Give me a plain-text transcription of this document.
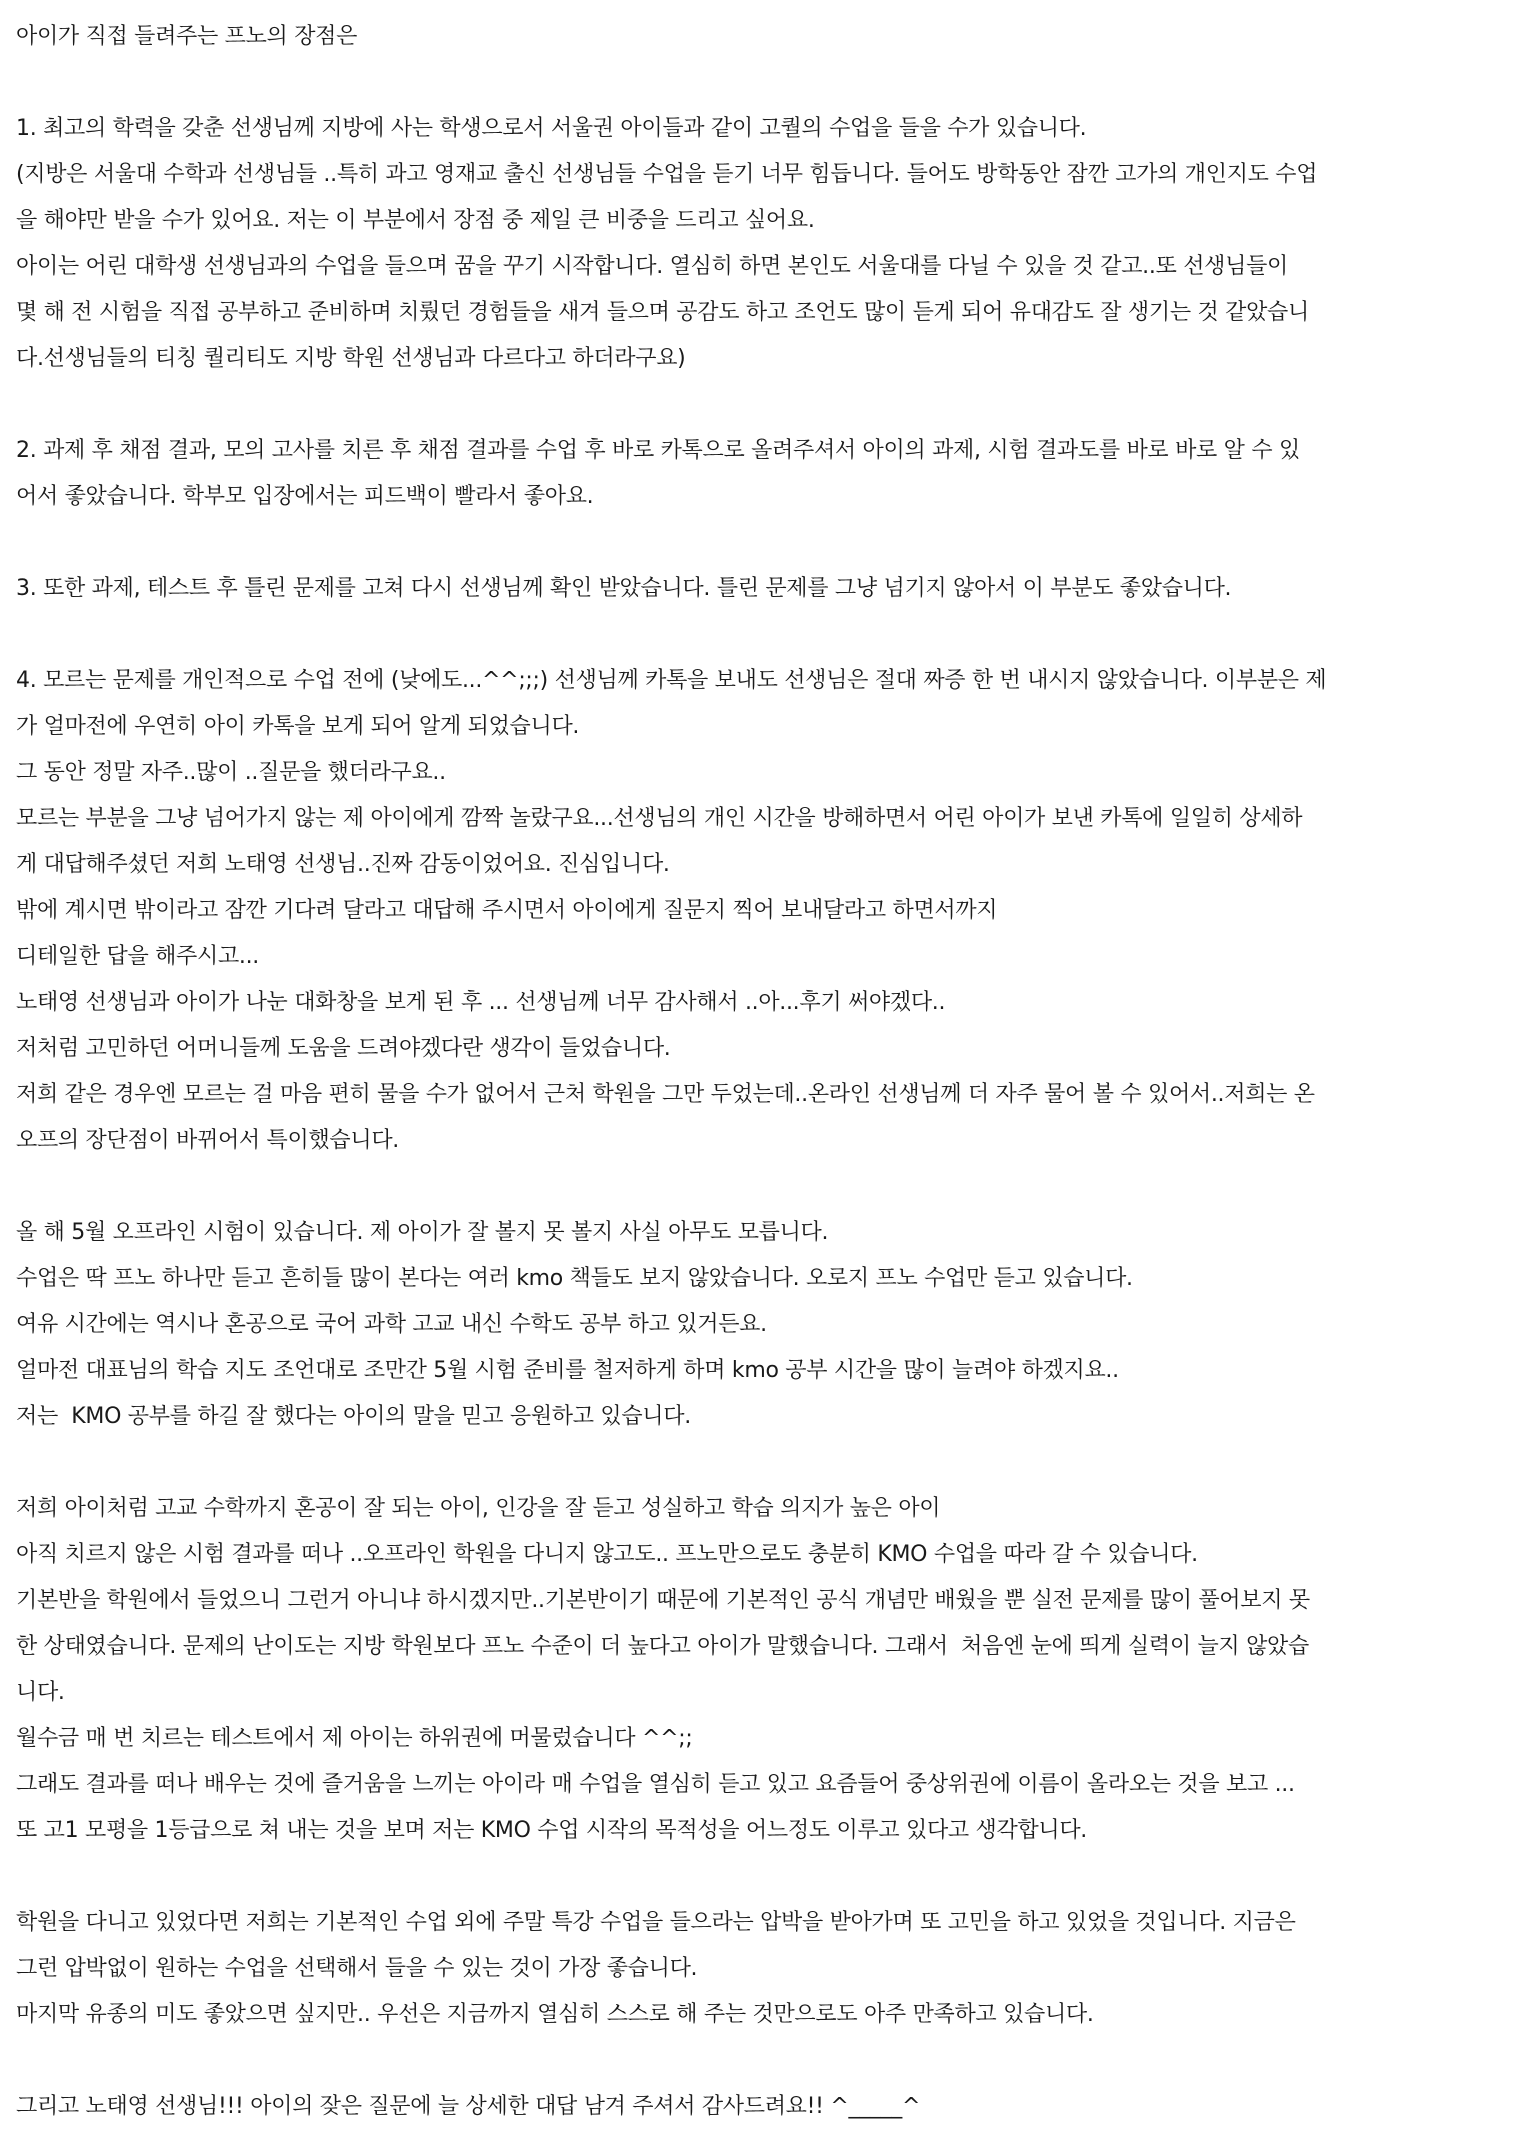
아이가 직접 들려주는 프노의 장점은
1. 최고의 학력을 갖춘 선생님께 지방에 사는 학생으로서 서울권 아이들과 같이 고퀄의 수업을 들을 수가 있습니다.
(지방은 서울대 수학과 선생님들 ..특히 과고 영재교 출신 선생님들 수업을 듣기 너무 힘듭니다. 들어도 방학동안 잠깐 고가의 개인지도 수업
을 해야만 받을 수가 있어요. 저는 이 부분에서 장점 중 제일 큰 비중을 드리고 싶어요.
아이는 어린 대학생 선생님과의 수업을 들으며 꿈을 꾸기 시작합니다. 열심히 하면 본인도 서울대를 다닐 수 있을 것 같고..또 선생님들이
몇 해 전 시험을 직접 공부하고 준비하며 치뤘던 경험들을 새겨 들으며 공감도 하고 조언도 많이 듣게 되어 유대감도 잘 생기는 것 같았습니
다.선생님들의 티칭 퀄리티도 지방 학원 선생님과 다르다고 하더라구요)
2. 과제 후 채점 결과, 모의 고사를 치른 후 채점 결과를 수업 후 바로 카톡으로 올려주셔서 아이의 과제, 시험 결과도를 바로 바로 알 수 있
어서 좋았습니다. 학부모 입장에서는 피드백이 빨라서 좋아요.
3. 또한 과제, 테스트 후 틀린 문제를 고쳐 다시 선생님께 확인 받았습니다. 틀린 문제를 그냥 넘기지 않아서 이 부분도 좋았습니다.
4. 모르는 문제를 개인적으로 수업 전에 (낮에도...^^;;;) 선생님께 카톡을 보내도 선생님은 절대 짜증 한 번 내시지 않았습니다. 이부분은 제
가 얼마전에 우연히 아이 카톡을 보게 되어 알게 되었습니다.
그 동안 정말 자주..많이 ..질문을 했더라구요..
모르는 부분을 그냥 넘어가지 않는 제 아이에게 깜짝 놀랐구요...선생님의 개인 시간을 방해하면서 어린 아이가 보낸 카톡에 일일히 상세하
게 대답해주셨던 저희 노태영 선생님..진짜 감동이었어요. 진심입니다.
밖에 계시면 밖이라고 잠깐 기다려 달라고 대답해 주시면서 아이에게 질문지 찍어 보내달라고 하면서까지
디테일한 답을 해주시고...
노태영 선생님과 아이가 나눈 대화창을 보게 된 후 ... 선생님께 너무 감사해서 ..아...후기 써야겠다..
저처럼 고민하던 어머니들께 도움을 드려야겠다란 생각이 들었습니다.
저희 같은 경우엔 모르는 걸 마음 편히 물을 수가 없어서 근처 학원을 그만 두었는데..온라인 선생님께 더 자주 물어 볼 수 있어서..저희는 온
오프의 장단점이 바뀌어서 특이했습니다.
올 해 5월 오프라인 시험이 있습니다. 제 아이가 잘 볼지 못 볼지 사실 아무도 모릅니다.
수업은 딱 프노 하나만 듣고 흔히들 많이 본다는 여러 kmo 책들도 보지 않았습니다. 오로지 프노 수업만 듣고 있습니다.
여유 시간에는 역시나 혼공으로 국어 과학 고교 내신 수학도 공부 하고 있거든요.
얼마전 대표님의 학습 지도 조언대로 조만간 5월 시험 준비를 철저하게 하며 kmo 공부 시간을 많이 늘려야 하겠지요..
저는  KMO 공부를 하길 잘 했다는 아이의 말을 믿고 응원하고 있습니다.
저희 아이처럼 고교 수학까지 혼공이 잘 되는 아이, 인강을 잘 듣고 성실하고 학습 의지가 높은 아이
아직 치르지 않은 시험 결과를 떠나 ..오프라인 학원을 다니지 않고도.. 프노만으로도 충분히 KMO 수업을 따라 갈 수 있습니다.
기본반을 학원에서 들었으니 그런거 아니냐 하시겠지만..기본반이기 때문에 기본적인 공식 개념만 배웠을 뿐 실전 문제를 많이 풀어보지 못
한 상태였습니다. 문제의 난이도는 지방 학원보다 프노 수준이 더 높다고 아이가 말했습니다. 그래서  처음엔 눈에 띄게 실력이 늘지 않았습
니다.
월수금 매 번 치르는 테스트에서 제 아이는 하위권에 머물렀습니다 ^^;;
그래도 결과를 떠나 배우는 것에 즐거움을 느끼는 아이라 매 수업을 열심히 듣고 있고 요즘들어 중상위권에 이름이 올라오는 것을 보고 ...
또 고1 모평을 1등급으로 쳐 내는 것을 보며 저는 KMO 수업 시작의 목적성을 어느정도 이루고 있다고 생각합니다.
학원을 다니고 있었다면 저희는 기본적인 수업 외에 주말 특강 수업을 들으라는 압박을 받아가며 또 고민을 하고 있었을 것입니다. 지금은
그런 압박없이 원하는 수업을 선택해서 들을 수 있는 것이 가장 좋습니다.
마지막 유종의 미도 좋았으면 싶지만.. 우선은 지금까지 열심히 스스로 해 주는 것만으로도 아주 만족하고 있습니다.
그리고 노태영 선생님!!! 아이의 잦은 질문에 늘 상세한 대답 남겨 주셔서 감사드려요!! ^_____^
